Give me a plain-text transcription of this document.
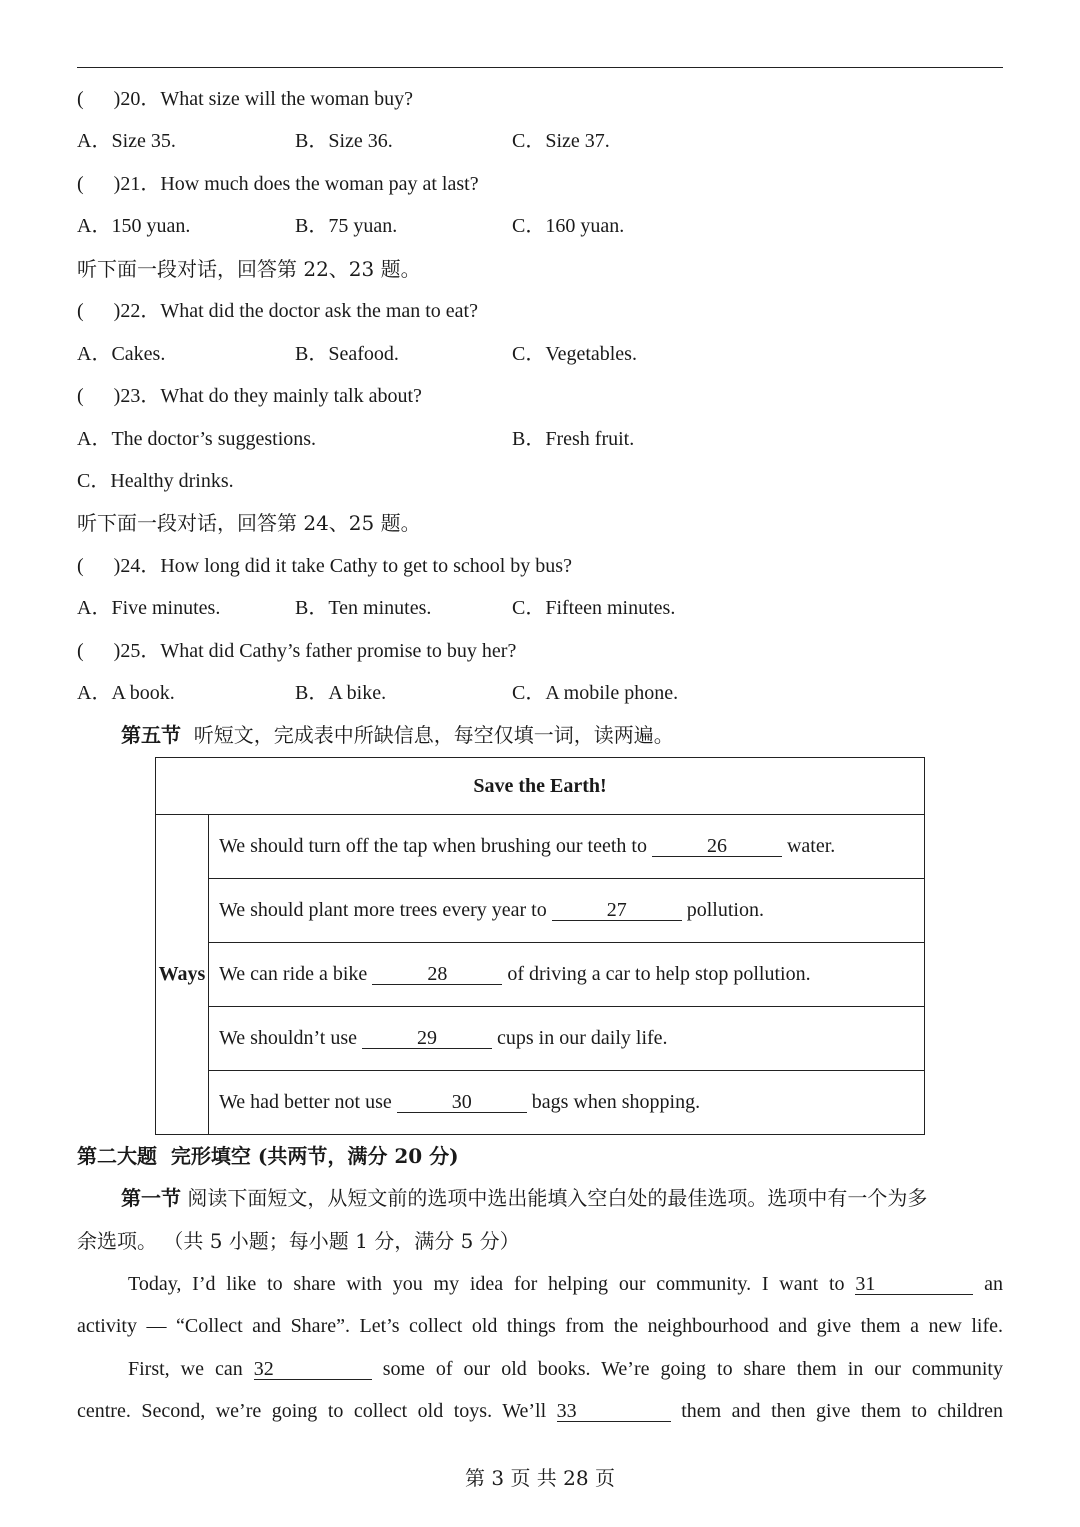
(      )20．What size will the woman buy?
A．Size 35.	B．Size 36.	C．Size 37.
(      )21．How much does the woman pay at last?
A．150 yuan.	B．75 yuan.	C．160 yuan.
听下面一段对话，回答第 22、23 题。
(      )22．What did the doctor ask the man to eat?
A．Cakes.	B．Seafood.	C．Vegetables.
(      )23．What do they mainly talk about?
A．The doctor’s suggestions.	B．Fresh fruit.
C．Healthy drinks.
听下面一段对话，回答第 24、25 题。
(      )24．How long did it take Cathy to get to school by bus?
A．Five minutes.	B．Ten minutes.	C．Fifteen minutes.
(      )25．What did Cathy’s father promise to buy her?
A．A book.	B．A bike.	C．A mobile phone.
第五节 听短文，完成表中所缺信息，每空仅填一词，读两遍。
Save the Earth!
Ways	We should turn off the tap when brushing our teeth to	26	water.
We should plant more trees every year to	27	pollution.
We can ride a bike	28	of driving a car to help stop pollution.
We shouldn’t use	29	cups in our daily life.
We had better not use	30	bags when shopping.
第二大题  完形填空 (共两节，满分 20 分)
第一节 阅读下面短文，从短文前的选项中选出能填入空白处的最佳选项。选项中有一个为多
余选项。 （共 5 小题；每小题 1 分，满分 5 分）
Today, I’d like to share with you my idea for helping our community. I want to 31	an
activity — “Collect and Share”. Let’s collect old things from the neighbourhood and give them a new life.
First, we can 32	some of our old books. We’re going to share them in our community
centre. Second, we’re going to collect old toys. We’ll 33	them and then give them to children
第 3 页 共 28 页
